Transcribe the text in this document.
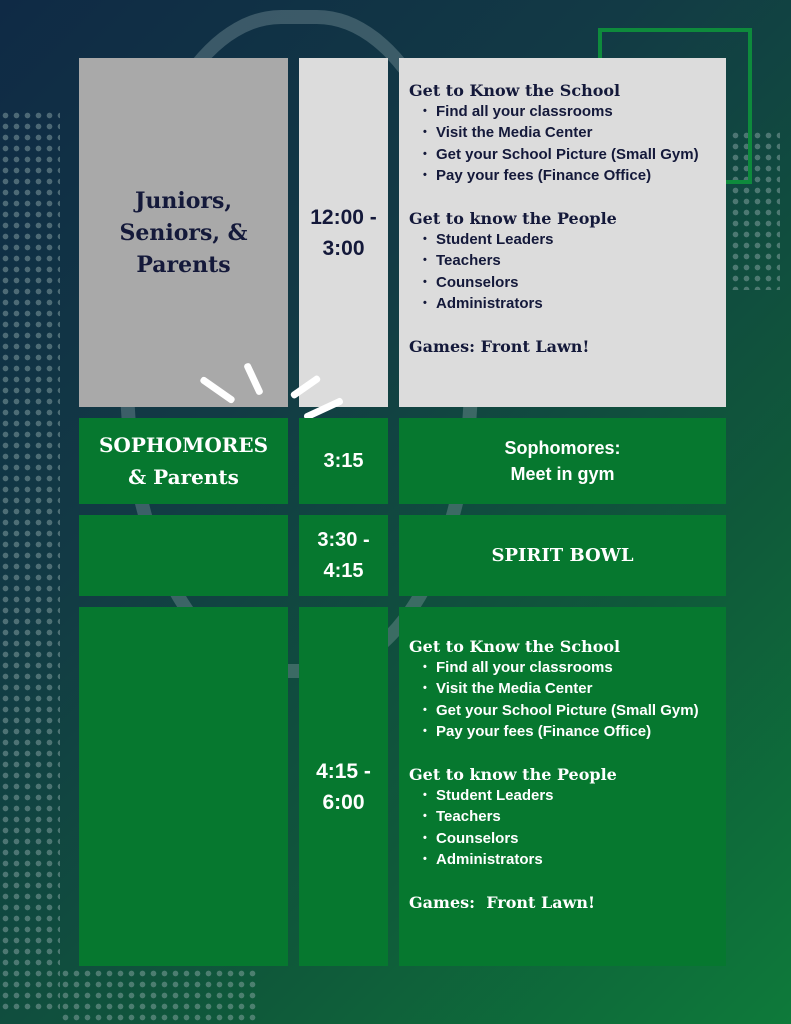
Juniors, Seniors, & Parents
12:00 - 3:00

Get to Know the School

• Find all your classrooms
• Visit the Media Center
• Get your School Picture (Small Gym)
• Pay your fees (Finance Office)

Get to know the People

• Student Leaders
• Teachers
• Counselors
• Administrators

Games: Front Lawn!

SOPHOMORES & Parents
3:15
Sophomores: Meet in gym
3:30 - 4:15
SPIRIT BOWL
4:15 - 6:00

Get to Know the School

• Find all your classrooms
• Visit the Media Center
• Get your School Picture (Small Gym)
• Pay your fees (Finance Office)

Get to know the People

• Student Leaders
• Teachers
• Counselors
• Administrators

Games:  Front Lawn!
